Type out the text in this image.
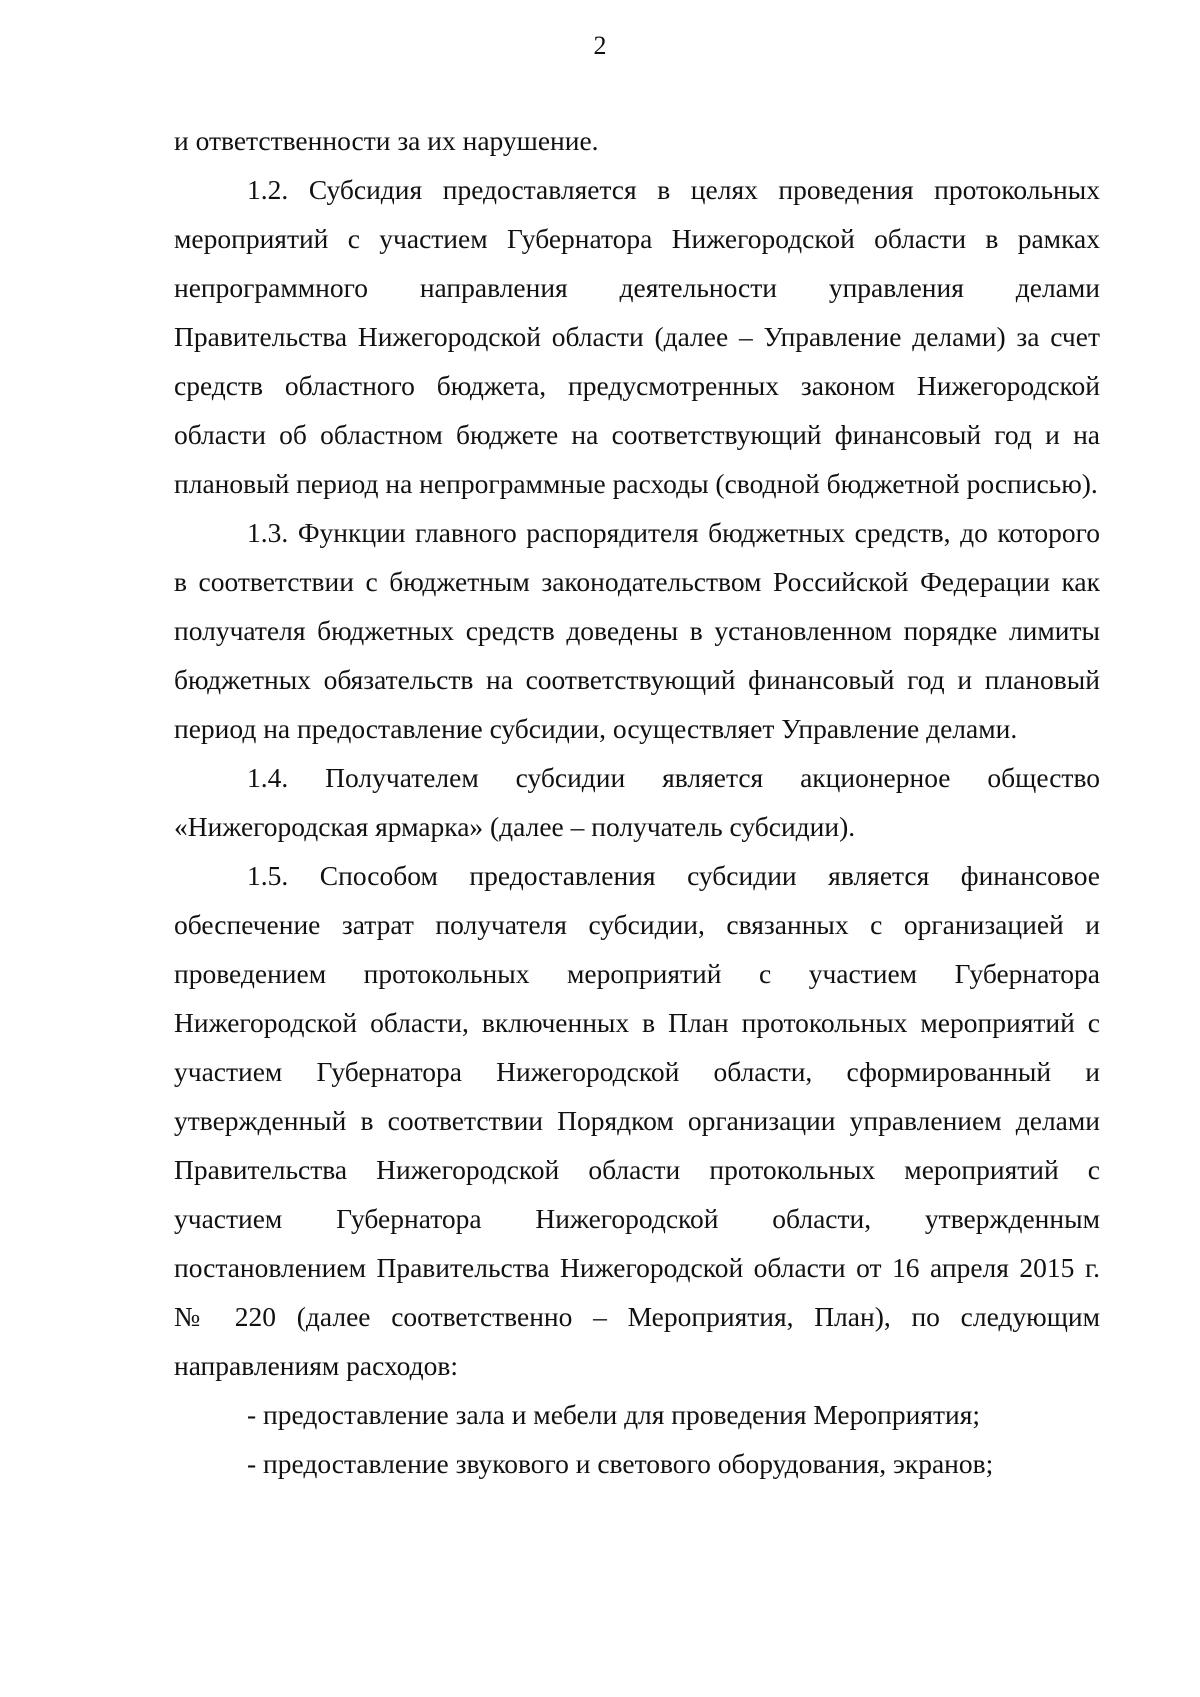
2

и ответственности за их нарушение.

1.2. Субсидия предоставляется в целях проведения протокольных мероприятий с участием Губернатора Нижегородской области в рамках непрограммного направления деятельности управления делами Правительства Нижегородской области (далее – Управление делами) за счет средств областного бюджета, предусмотренных законом Нижегородской области об областном бюджете на соответствующий финансовый год и на плановый период на непрограммные расходы (сводной бюджетной росписью).

1.3. Функции главного распорядителя бюджетных средств, до которого в соответствии с бюджетным законодательством Российской Федерации как получателя бюджетных средств доведены в установленном порядке лимиты бюджетных обязательств на соответствующий финансовый год и плановый период на предоставление субсидии, осуществляет Управление делами.

1.4. Получателем субсидии является акционерное общество «Нижегородская ярмарка» (далее – получатель субсидии).

1.5. Способом предоставления субсидии является финансовое обеспечение затрат получателя субсидии, связанных с организацией и проведением протокольных мероприятий с участием Губернатора Нижегородской области, включенных в План протокольных мероприятий с участием Губернатора Нижегородской области, сформированный и утвержденный в соответствии Порядком организации управлением делами Правительства Нижегородской области протокольных мероприятий с участием Губернатора Нижегородской области, утвержденным постановлением Правительства Нижегородской области от 16 апреля 2015 г. № 220 (далее соответственно – Мероприятия, План), по следующим направлениям расходов:

- предоставление зала и мебели для проведения Мероприятия;

- предоставление звукового и светового оборудования, экранов;
